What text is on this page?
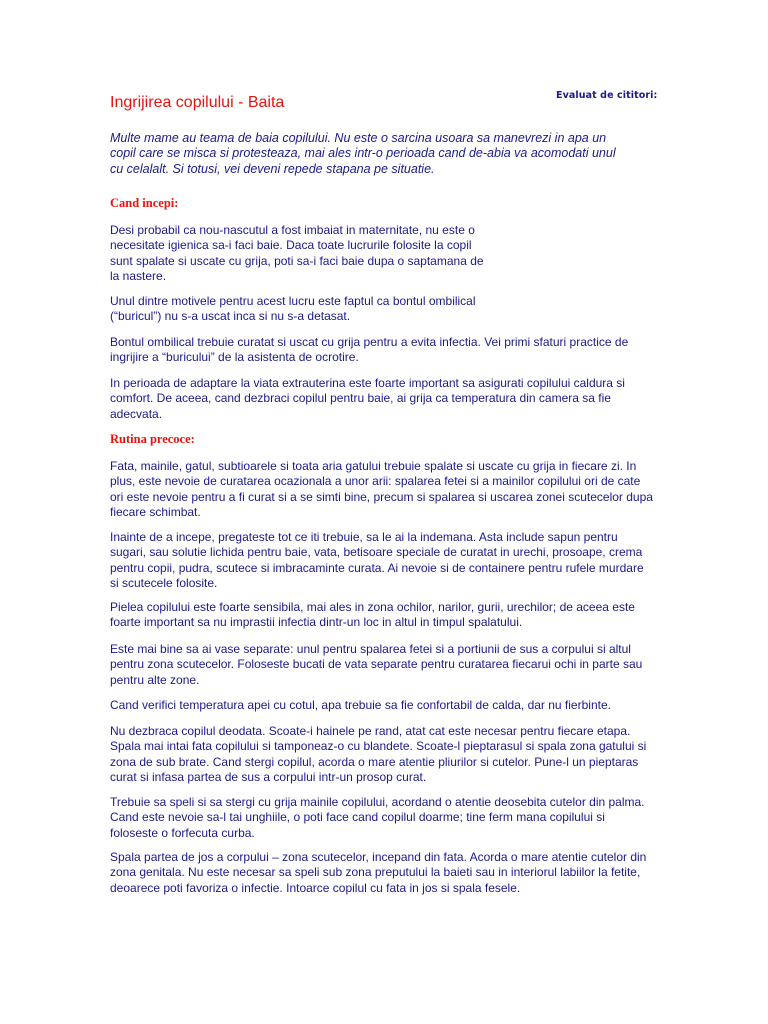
Evaluat de cititori:
Ingrijirea copilului - Baita

Multe mame au teama de baia copilului. Nu este o sarcina usoara sa manevrezi in apa un copil care se misca si protesteaza, mai ales intr-o perioada cand de-abia va acomodati unul cu celalalt. Si totusi, vei deveni repede stapana pe situatie.

Cand incepi:

Desi probabil ca nou-nascutul a fost imbaiat in maternitate, nu este o necesitate igienica sa-i faci baie. Daca toate lucrurile folosite la copil sunt spalate si uscate cu grija, poti sa-i faci baie dupa o saptamana de la nastere.

Unul dintre motivele pentru acest lucru este faptul ca bontul ombilical (“buricul”) nu s-a uscat inca si nu s-a detasat.

Bontul ombilical trebuie curatat si uscat cu grija pentru a evita infectia. Vei primi sfaturi practice de ingrijire a “buricului” de la asistenta de ocrotire.

In perioada de adaptare la viata extrauterina este foarte important sa asigurati copilului caldura si comfort. De aceea, cand dezbraci copilul pentru baie, ai grija ca temperatura din camera sa fie adecvata.

Rutina precoce:

Fata, mainile, gatul, subtioarele si toata aria gatului trebuie spalate si uscate cu grija in fiecare zi. In plus, este nevoie de curatarea ocazionala a unor arii: spalarea fetei si a mainilor copilului ori de cate ori este nevoie pentru a fi curat si a se simti bine, precum si spalarea si uscarea zonei scutecelor dupa fiecare schimbat.

Inainte de a incepe, pregateste tot ce iti trebuie, sa le ai la indemana. Asta include sapun pentru sugari, sau solutie lichida pentru baie, vata, betisoare speciale de curatat in urechi, prosoape, crema pentru copii, pudra, scutece si imbracaminte curata. Ai nevoie si de containere pentru rufele murdare si scutecele folosite.

Pielea copilului este foarte sensibila, mai ales in zona ochilor, narilor, gurii, urechilor; de aceea este foarte important sa nu imprastii infectia dintr-un loc in altul in timpul spalatului.

Este mai bine sa ai vase separate: unul pentru spalarea fetei si a portiunii de sus a corpului si altul pentru zona scutecelor. Foloseste bucati de vata separate pentru curatarea fiecarui ochi in parte sau pentru alte zone.

Cand verifici temperatura apei cu cotul, apa trebuie sa fie confortabil de calda, dar nu fierbinte.

Nu dezbraca copilul deodata. Scoate-i hainele pe rand, atat cat este necesar pentru fiecare etapa. Spala mai intai fata copilului si tamponeaz-o cu blandete. Scoate-l pieptarasul si spala zona gatului si zona de sub brate. Cand stergi copilul, acorda o mare atentie pliurilor si cutelor. Pune-l un pieptaras curat si infasa partea de sus a corpului intr-un prosop curat.

Trebuie sa speli si sa stergi cu grija mainile copilului, acordand o atentie deosebita cutelor din palma. Cand este nevoie sa-l tai unghiile, o poti face cand copilul doarme; tine ferm mana copilului si foloseste o forfecuta curba.

Spala partea de jos a corpului – zona scutecelor, incepand din fata. Acorda o mare atentie cutelor din zona genitala. Nu este necesar sa speli sub zona preputului la baieti sau in interiorul labiilor la fetite, deoarece poti favoriza o infectie. Intoarce copilul cu fata in jos si spala fesele.
